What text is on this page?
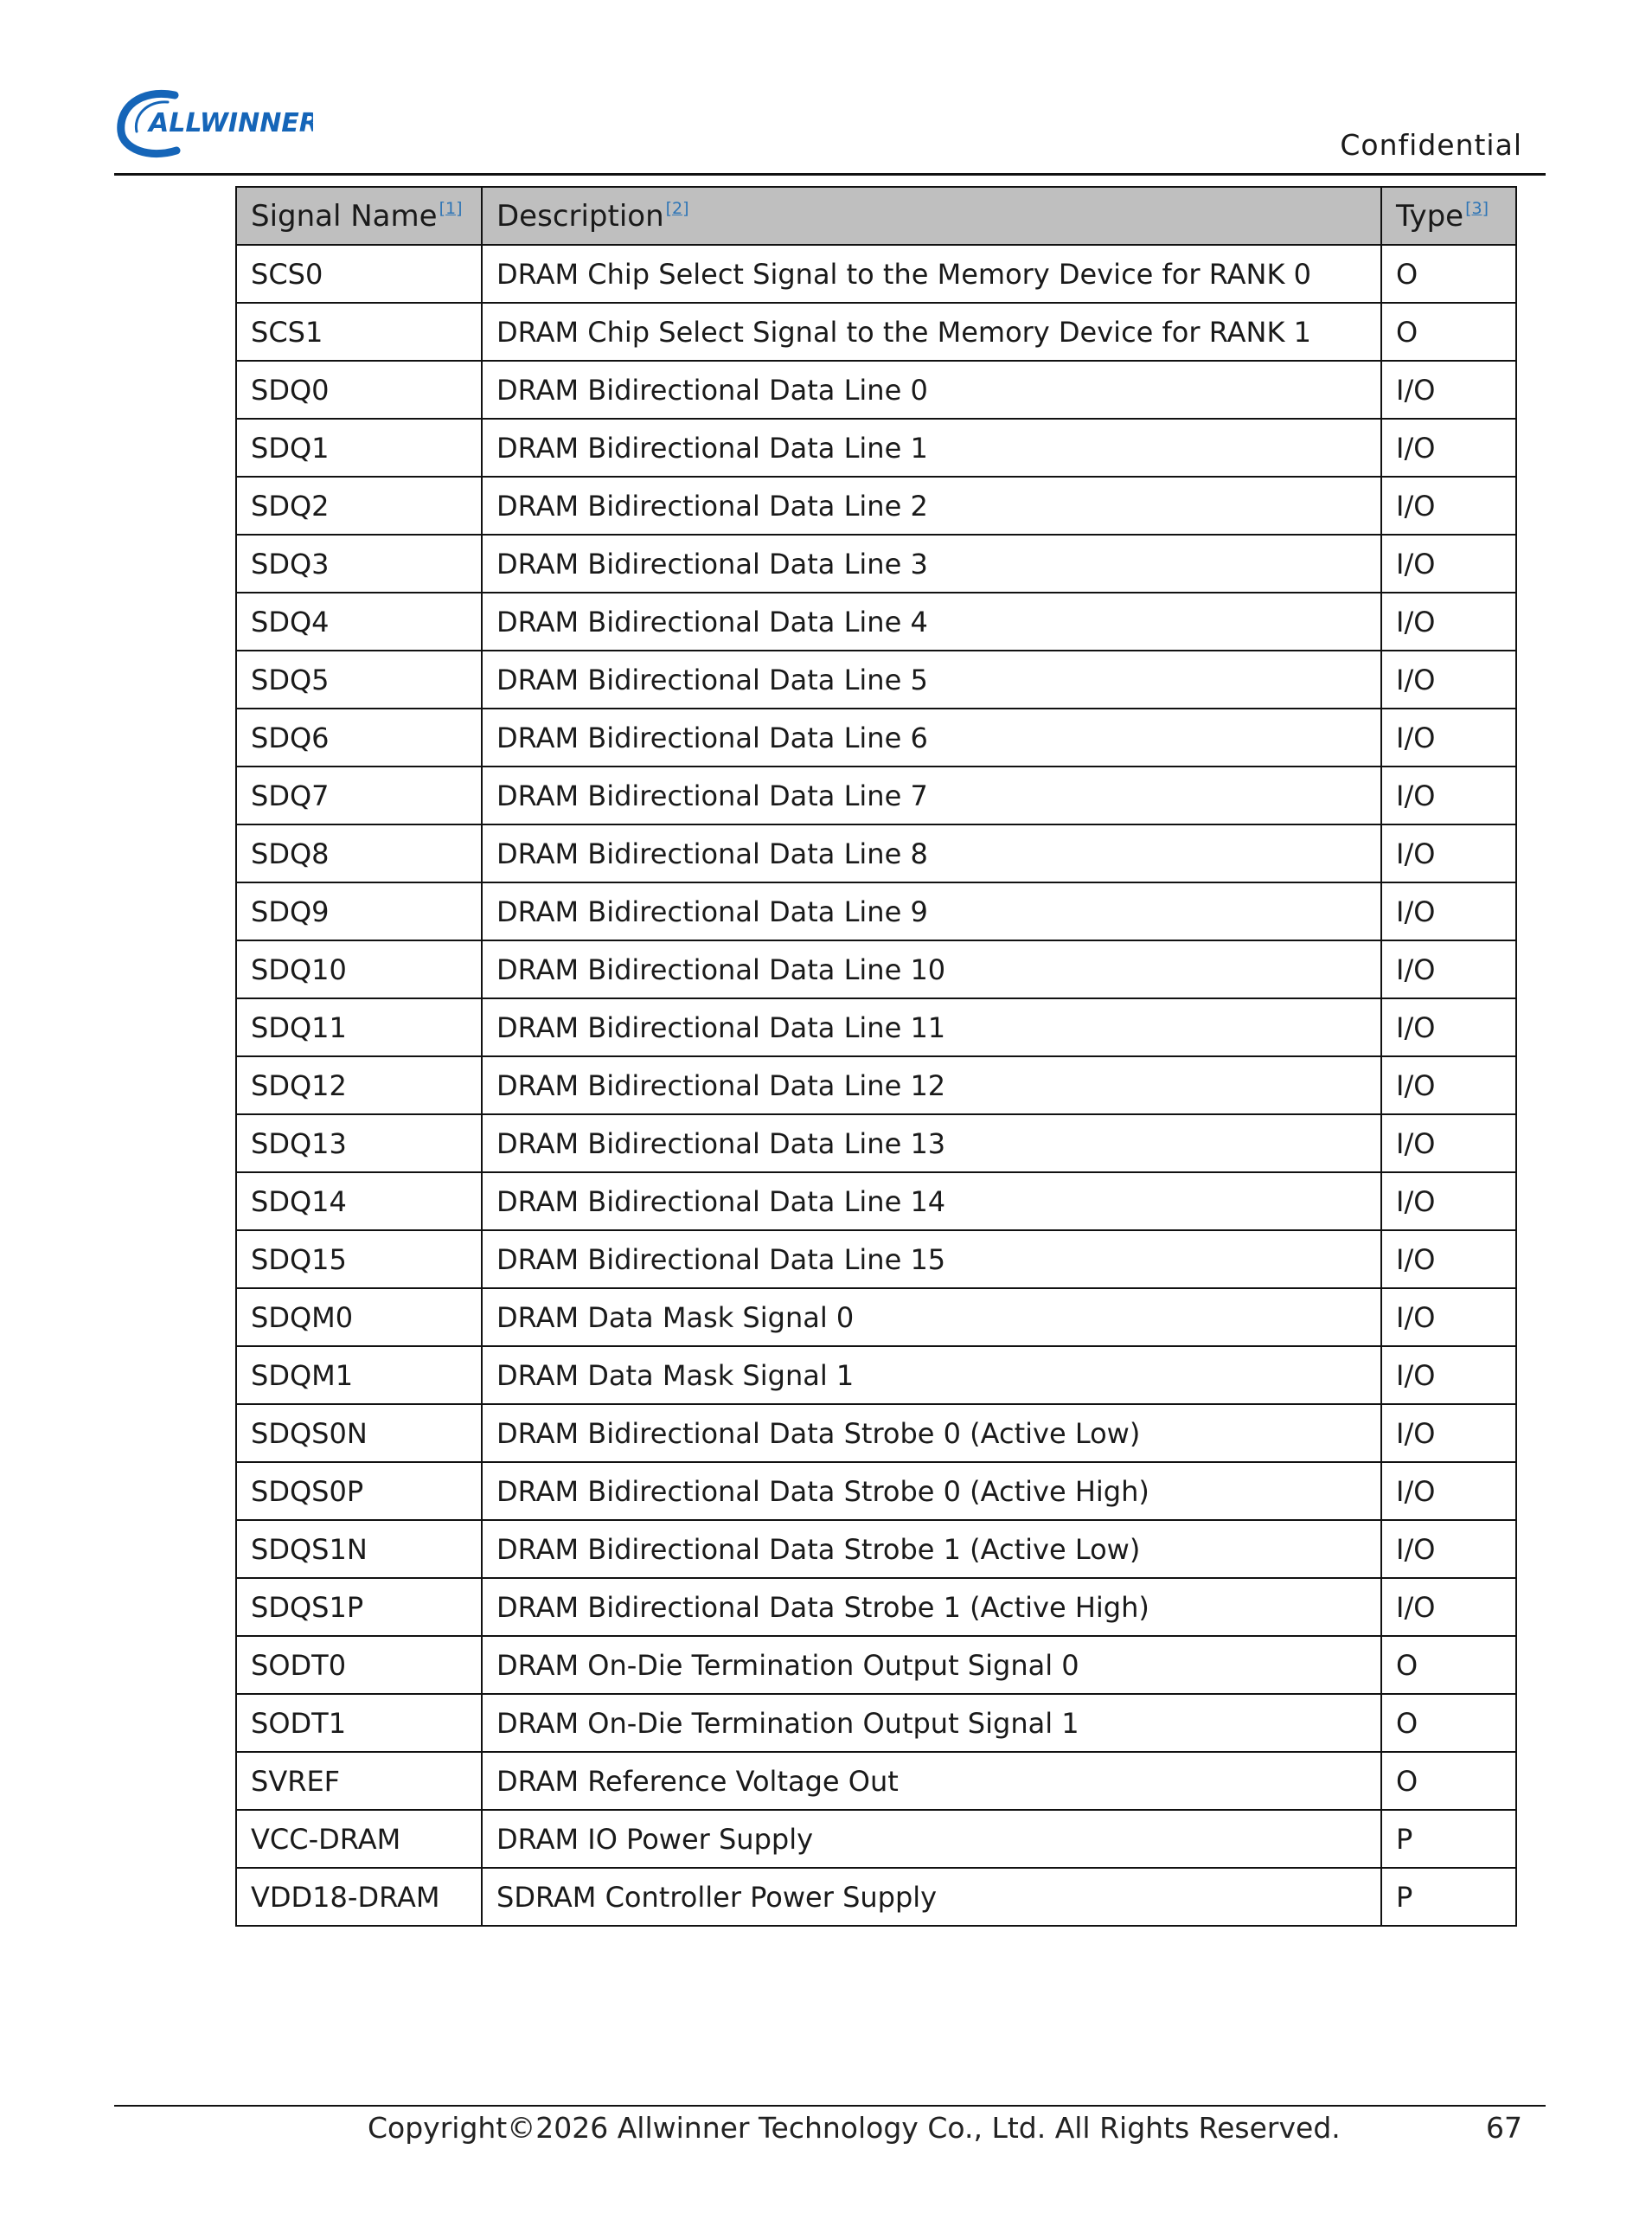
ALLWINNER
Confidential
Signal Name [1]	Description [2]	Type [3]
SCS0	DRAM Chip Select Signal to the Memory Device for RANK 0	O
SCS1	DRAM Chip Select Signal to the Memory Device for RANK 1	O
SDQ0	DRAM Bidirectional Data Line 0	I/O
SDQ1	DRAM Bidirectional Data Line 1	I/O
SDQ2	DRAM Bidirectional Data Line 2	I/O
SDQ3	DRAM Bidirectional Data Line 3	I/O
SDQ4	DRAM Bidirectional Data Line 4	I/O
SDQ5	DRAM Bidirectional Data Line 5	I/O
SDQ6	DRAM Bidirectional Data Line 6	I/O
SDQ7	DRAM Bidirectional Data Line 7	I/O
SDQ8	DRAM Bidirectional Data Line 8	I/O
SDQ9	DRAM Bidirectional Data Line 9	I/O
SDQ10	DRAM Bidirectional Data Line 10	I/O
SDQ11	DRAM Bidirectional Data Line 11	I/O
SDQ12	DRAM Bidirectional Data Line 12	I/O
SDQ13	DRAM Bidirectional Data Line 13	I/O
SDQ14	DRAM Bidirectional Data Line 14	I/O
SDQ15	DRAM Bidirectional Data Line 15	I/O
SDQM0	DRAM Data Mask Signal 0	I/O
SDQM1	DRAM Data Mask Signal 1	I/O
SDQS0N	DRAM Bidirectional Data Strobe 0 (Active Low)	I/O
SDQS0P	DRAM Bidirectional Data Strobe 0 (Active High)	I/O
SDQS1N	DRAM Bidirectional Data Strobe 1 (Active Low)	I/O
SDQS1P	DRAM Bidirectional Data Strobe 1 (Active High)	I/O
SODT0	DRAM On-Die Termination Output Signal 0	O
SODT1	DRAM On-Die Termination Output Signal 1	O
SVREF	DRAM Reference Voltage Out	O
VCC-DRAM	DRAM IO Power Supply	P
VDD18-DRAM	SDRAM Controller Power Supply	P
Copyright©2026 Allwinner Technology Co., Ltd. All Rights Reserved.	67
